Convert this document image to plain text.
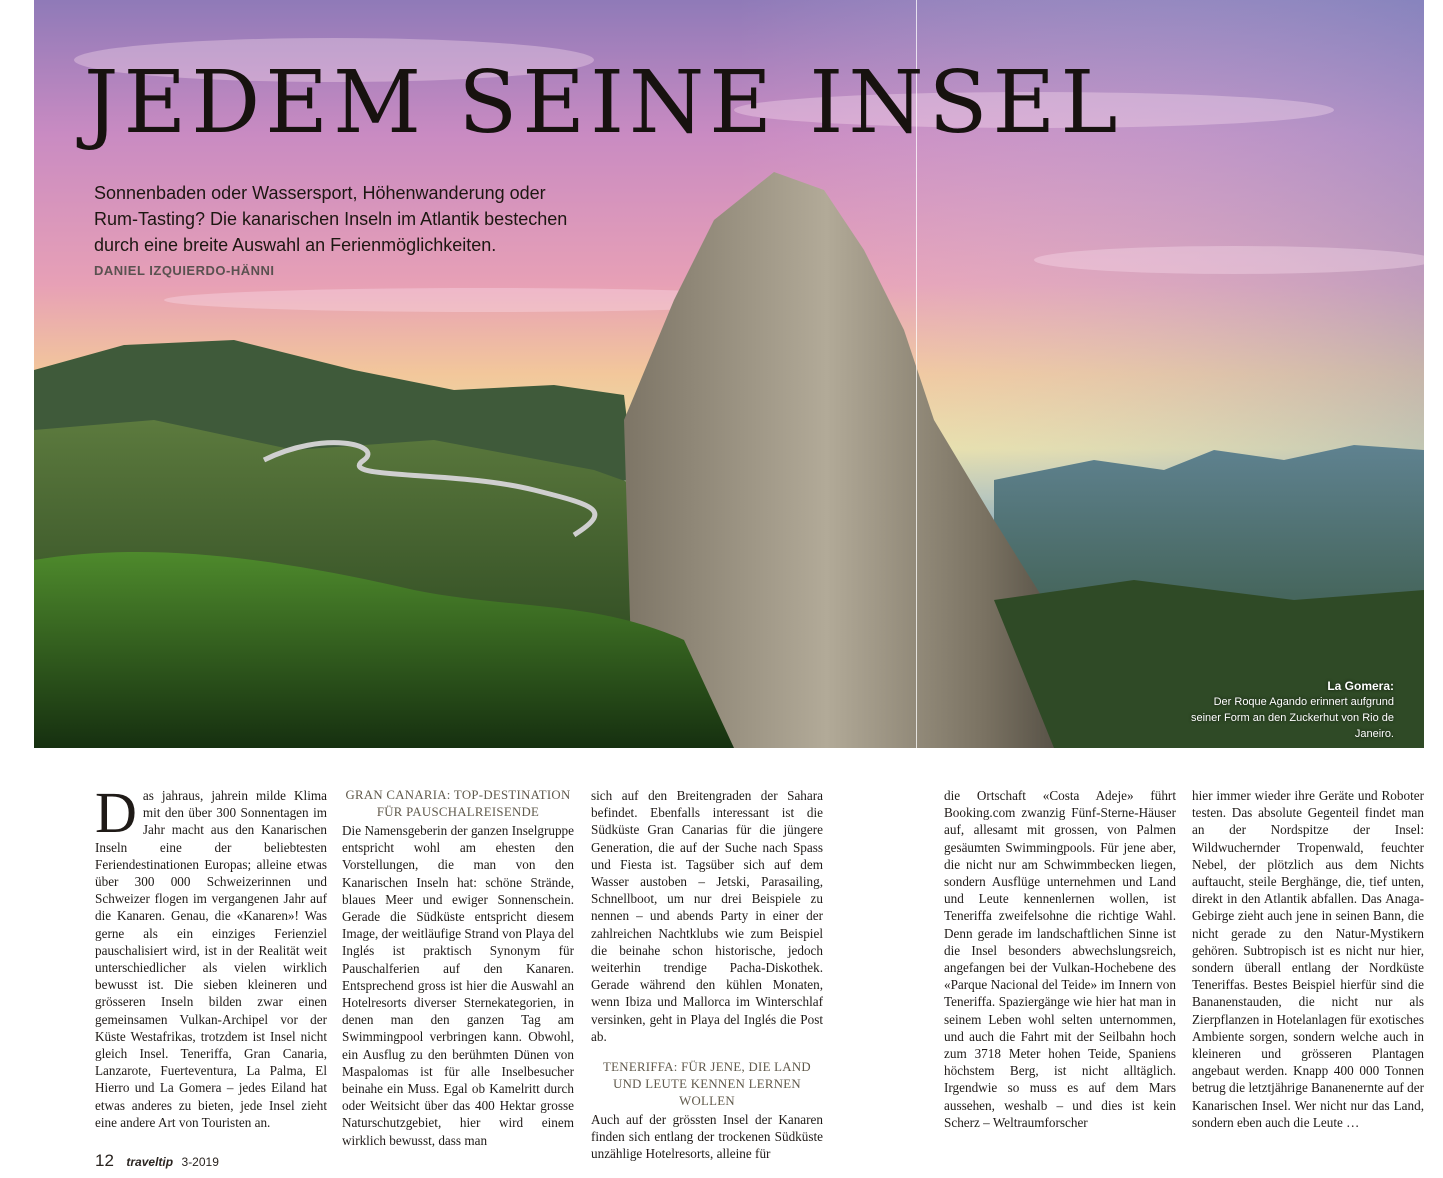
La Gomera:
Der Roque Agando erinnert aufgrund seiner Form an den Zuckerhut von Rio de Janeiro.
JEDEM SEINE INSEL

Sonnenbaden oder Wassersport, Höhenwanderung oder Rum-Tasting? Die kanarischen Inseln im Atlantik bestechen durch eine breite Auswahl an Ferienmöglichkeiten.

DANIEL IZQUIERDO-HÄNNI

D as jahraus, jahrein milde Klima mit den über 300 Sonnentagen im Jahr macht aus den Kanarischen Inseln eine der beliebtesten Feriendestinationen Europas; alleine etwas über 300 000 Schweizerinnen und Schweizer flogen im vergangenen Jahr auf die Kanaren. Genau, die «Kanaren»! Was gerne als ein einziges Ferienziel pauschalisiert wird, ist in der Realität weit unterschiedlicher als vielen wirklich bewusst ist. Die sieben kleineren und grösseren Inseln bilden zwar einen gemeinsamen Vulkan-Archipel vor der Küste Westafrikas, trotzdem ist Insel nicht gleich Insel. Teneriffa, Gran Canaria, Lanzarote, Fuerteventura, La Palma, El Hierro und La Gomera – jedes Eiland hat etwas anderes zu bieten, jede Insel zieht eine andere Art von Touristen an.

GRAN CANARIA: TOP-DESTINATION FÜR PAUSCHALREISENDE

Die Namensgeberin der ganzen Inselgruppe entspricht wohl am ehesten den Vorstellungen, die man von den Kanarischen Inseln hat: schöne Strände, blaues Meer und ewiger Sonnenschein. Gerade die Südküste entspricht diesem Image, der weitläufige Strand von Playa del Inglés ist praktisch Synonym für Pauschalferien auf den Kanaren. Entsprechend gross ist hier die Auswahl an Hotelresorts diverser Sternekategorien, in denen man den ganzen Tag am Swimmingpool verbringen kann. Obwohl, ein Ausflug zu den berühmten Dünen von Maspalomas ist für alle Inselbesucher beinahe ein Muss. Egal ob Kamelritt durch oder Weitsicht über das 400 Hektar grosse Naturschutzgebiet, hier wird einem wirklich bewusst, dass man

sich auf den Breitengraden der Sahara befindet. Ebenfalls interessant ist die Südküste Gran Canarias für die jüngere Generation, die auf der Suche nach Spass und Fiesta ist. Tagsüber sich auf dem Wasser austoben – Jetski, Parasailing, Schnellboot, um nur drei Beispiele zu nennen – und abends Party in einer der zahlreichen Nachtklubs wie zum Beispiel die beinahe schon historische, jedoch weiterhin trendige Pacha-Diskothek. Gerade während den kühlen Monaten, wenn Ibiza und Mallorca im Winterschlaf versinken, geht in Playa del Inglés die Post ab.

TENERIFFA: FÜR JENE, DIE LAND UND LEUTE KENNEN LERNEN WOLLEN

Auch auf der grössten Insel der Kanaren finden sich entlang der trockenen Südküste unzählige Hotelresorts, alleine für

die Ortschaft «Costa Adeje» führt Booking.com zwanzig Fünf-Sterne-Häuser auf, allesamt mit grossen, von Palmen gesäumten Swimmingpools. Für jene aber, die nicht nur am Schwimmbecken liegen, sondern Ausflüge unternehmen und Land und Leute kennenlernen wollen, ist Teneriffa zweifelsohne die richtige Wahl. Denn gerade im landschaftlichen Sinne ist die Insel besonders abwechslungsreich, angefangen bei der Vulkan-Hochebene des «Parque Nacional del Teide» im Innern von Teneriffa. Spaziergänge wie hier hat man in seinem Leben wohl selten unternommen, und auch die Fahrt mit der Seilbahn hoch zum 3718 Meter hohen Teide, Spaniens höchstem Berg, ist nicht alltäglich. Irgendwie so muss es auf dem Mars aussehen, weshalb – und dies ist kein Scherz – Weltraumforscher

hier immer wieder ihre Geräte und Roboter testen. Das absolute Gegenteil findet man an der Nordspitze der Insel: Wildwuchernder Tropenwald, feuchter Nebel, der plötzlich aus dem Nichts auftaucht, steile Berghänge, die, tief unten, direkt in den Atlantik abfallen. Das Anaga-Gebirge zieht auch jene in seinen Bann, die nicht gerade zu den Natur-Mystikern gehören. Subtropisch ist es nicht nur hier, sondern überall entlang der Nordküste Teneriffas. Bestes Beispiel hierfür sind die Bananenstauden, die nicht nur als Zierpflanzen in Hotelanlagen für exotisches Ambiente sorgen, sondern welche auch in kleineren und grösseren Plantagen angebaut werden. Knapp 400 000 Tonnen betrug die letztjährige Bananenernte auf der Kanarischen Insel. Wer nicht nur das Land, sondern eben auch die Leute …

12 traveltip 3-2019
